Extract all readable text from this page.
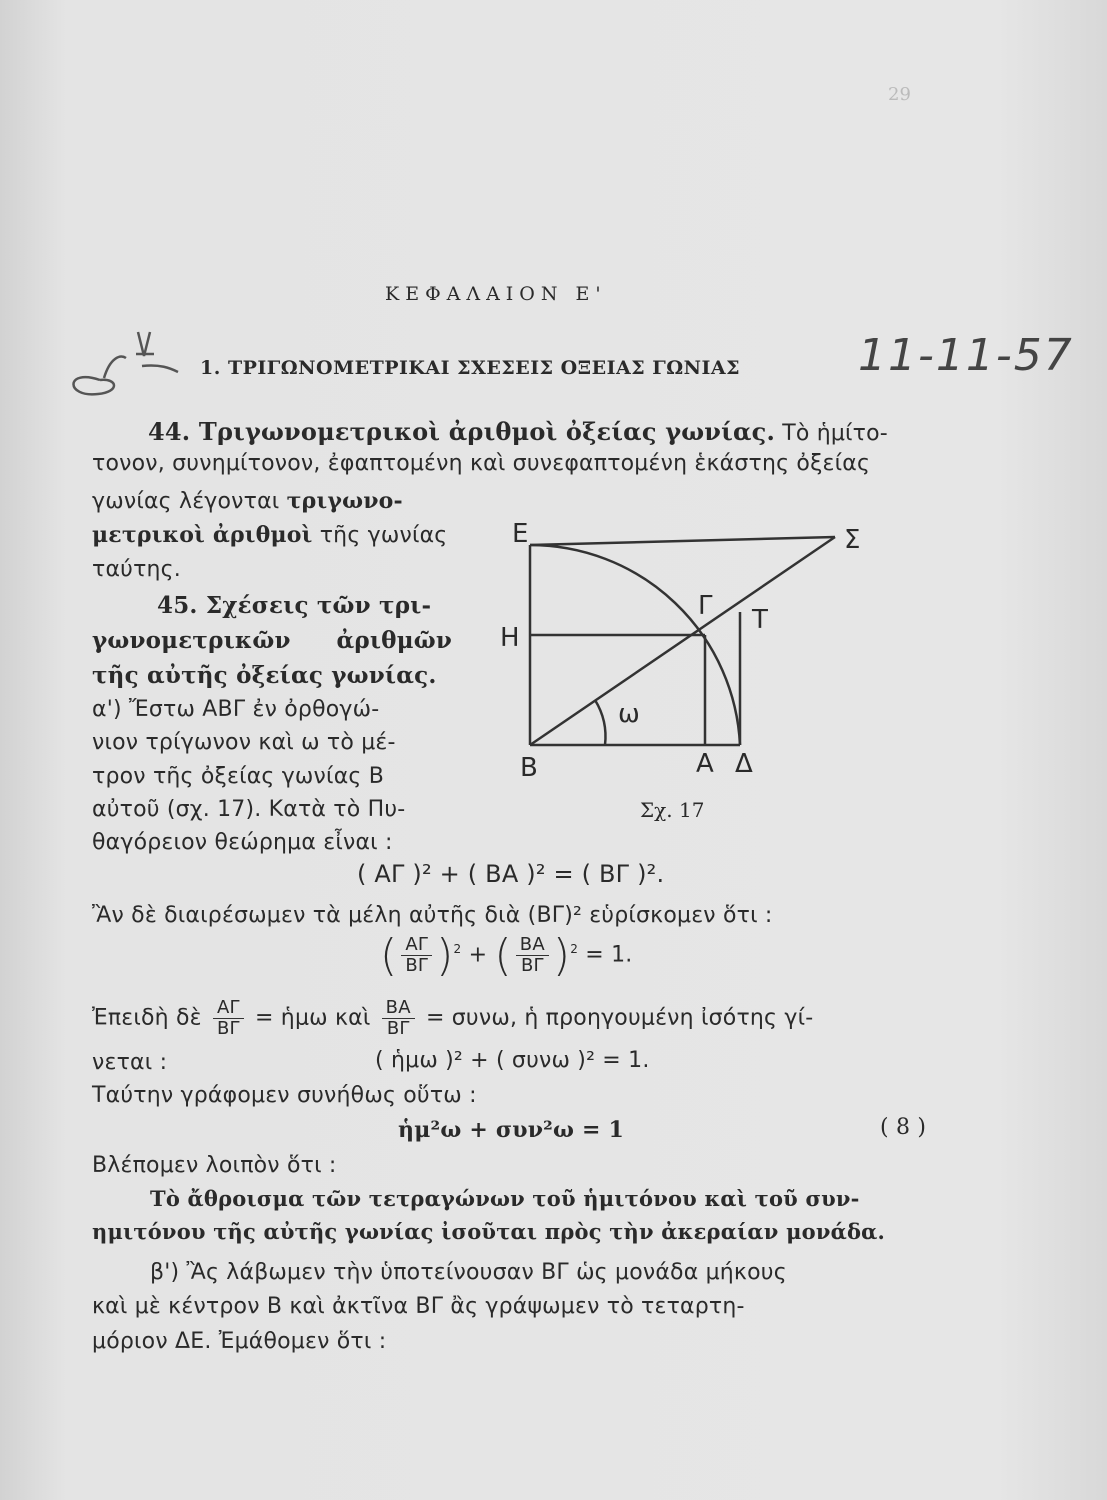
29
ΚΕΦΑΛΑΙΟΝ Ε'
11-11-57
1. ΤΡΙΓΩΝΟΜΕΤΡΙΚΑΙ ΣΧΕΣΕΙΣ ΟΞΕΙΑΣ ΓΩΝΙΑΣ
44. Τριγωνομετρικοὶ ἀριθμοὶ ὀξείας γωνίας. Τὸ ἡμίτο-
τονον, συνημίτονον, ἐφαπτομένη καὶ συνεφαπτομένη ἑκάστης ὀξείας
γωνίας λέγονται τριγωνο-
μετρικοὶ ἀριθμοὶ τῆς γωνίας
ταύτης.
45. Σχέσεις τῶν τρι-
γωνομετρικῶν ἀριθμῶν
τῆς αὐτῆς ὀξείας γωνίας.
α') Ἔστω ΑΒΓ ἐν ὀρθογώ-
νιον τρίγωνον καὶ ω τὸ μέ-
τρον τῆς ὀξείας γωνίας Β
αὐτοῦ (σχ. 17). Κατὰ τὸ Πυ-
θαγόρειον θεώρημα εἶναι :
Ε	Σ
Γ Τ
Η
ω
Β	Α Δ
Σχ. 17
( ΑΓ )² + ( ΒΑ )² = ( ΒΓ )².
Ἂν δὲ διαιρέσωμεν τὰ μέλη αὐτῆς διὰ (ΒΓ)² εὑρίσκομεν ὅτι :
( $\frac{A\Gamma}{B\Gamma} )^2$ + ( $\frac{BA}{B\Gamma} )^2 = 1$.
Ἐπειδὴ δὲ $\frac{A\Gamma}{B\Gamma}$ = ἡμω καὶ $\frac{BA}{B\Gamma} = \sigma\upsilon\nu\omega$, ἡ προηγουμένη ἰσότης γί-
νεται :	( ἡμω )² + ( συνω )² = 1.
Ταύτην γράφομεν συνήθως οὕτω :
ἡμ²ω + συν²ω = 1	( 8 )
Βλέπομεν λοιπὸν ὅτι :
Τὸ ἄθροισμα τῶν τετραγώνων τοῦ ἡμιτόνου καὶ τοῦ συν-
ημιτόνου τῆς αὐτῆς γωνίας ἰσοῦται πρὸς τὴν ἀκεραίαν μονάδα.
β') Ἂς λάβωμεν τὴν ὑποτείνουσαν ΒΓ ὡς μονάδα μήκους
καὶ μὲ κέντρον Β καὶ ἀκτῖνα ΒΓ ἂς γράψωμεν τὸ τεταρτη-
μόριον ΔΕ. Ἐμάθομεν ὅτι :
